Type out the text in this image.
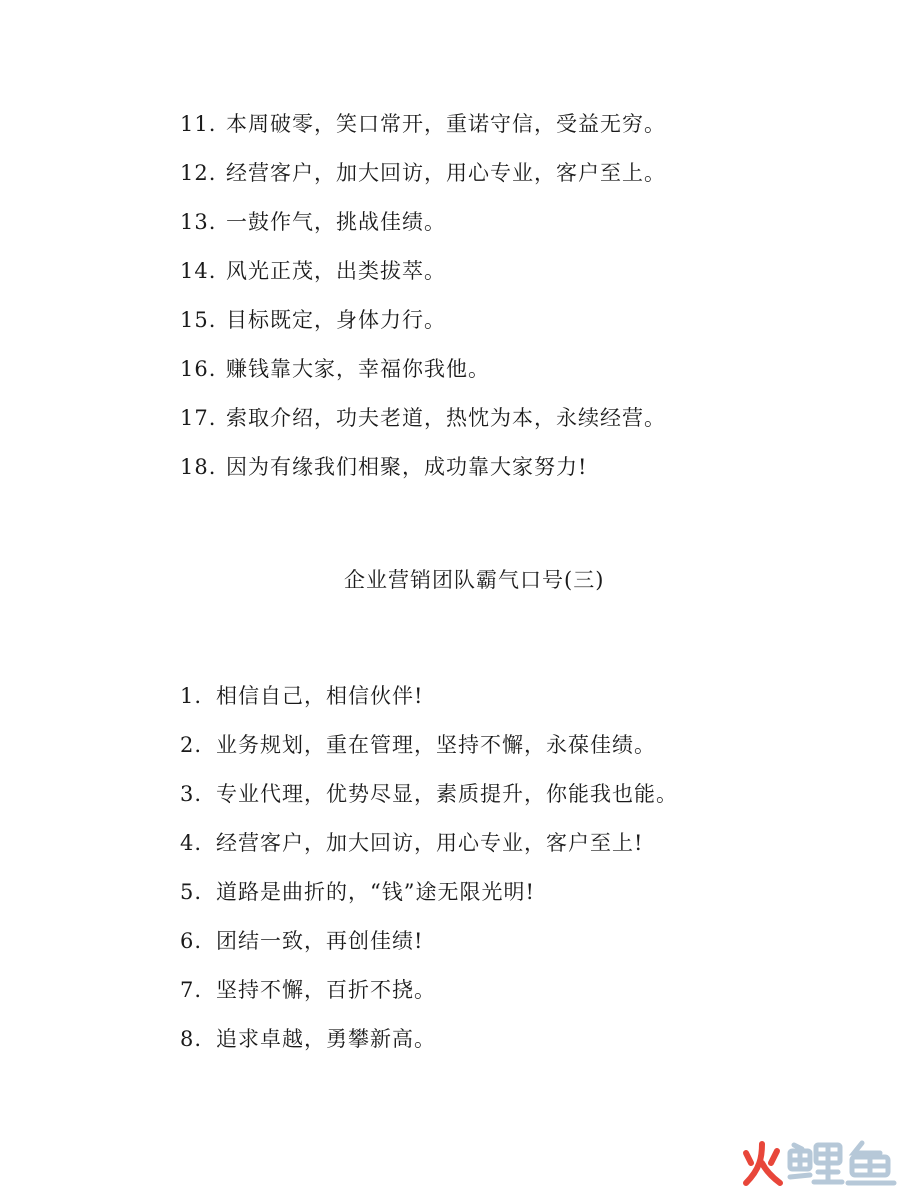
11. 本周破零，笑口常开，重诺守信，受益无穷。
12. 经营客户，加大回访，用心专业，客户至上。
13. 一鼓作气，挑战佳绩。
14. 风光正茂，出类拔萃。
15. 目标既定，身体力行。
16. 赚钱靠大家，幸福你我他。
17. 索取介绍，功夫老道，热忱为本，永续经营。
18. 因为有缘我们相聚，成功靠大家努力!
企业营销团队霸气口号(三)
1. 相信自己，相信伙伴!
2. 业务规划，重在管理，坚持不懈，永葆佳绩。
3. 专业代理，优势尽显，素质提升，你能我也能。
4. 经营客户，加大回访，用心专业，客户至上!
5. 道路是曲折的，“钱”途无限光明!
6. 团结一致，再创佳绩!
7. 坚持不懈，百折不挠。
8. 追求卓越，勇攀新高。
